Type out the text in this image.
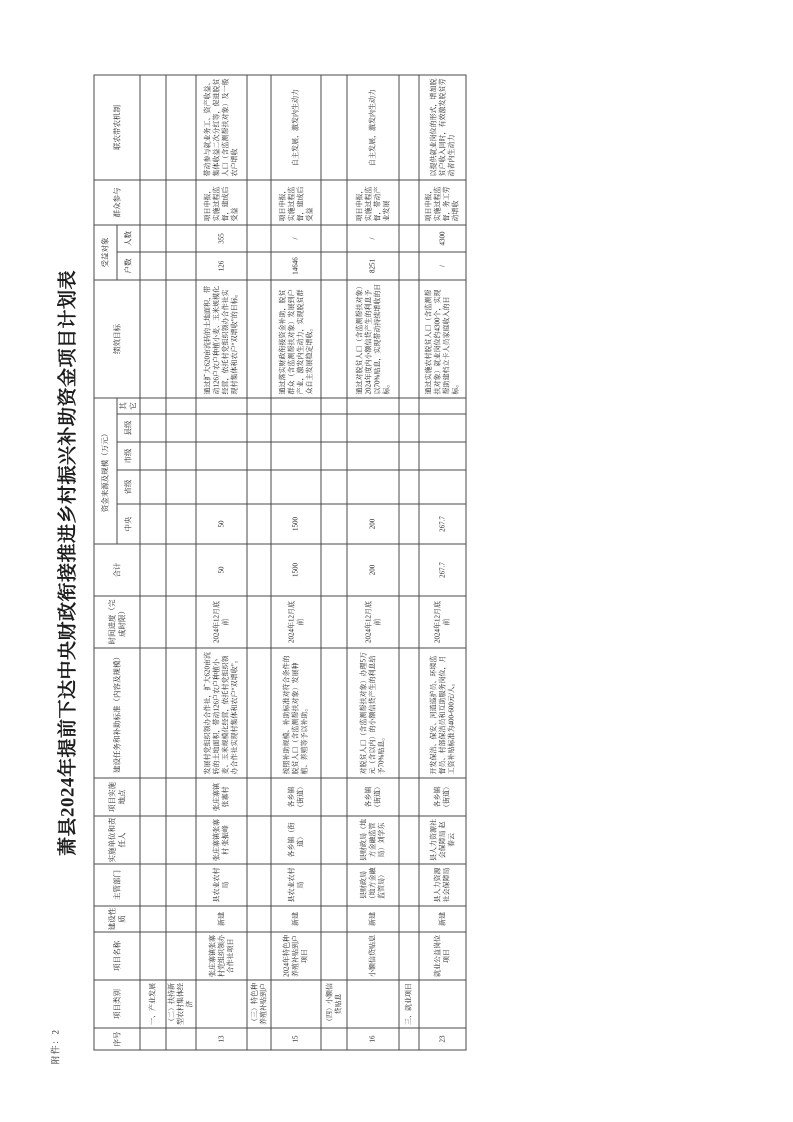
附件：2
萧县2024年提前下达中央财政衔接推进乡村振兴补助资金项目计划表
序号	项目类别	项目名称	建设性质	主管部门	实施单位和责任人	项目实施地点	建设任务和补助标准（内容及规模）	时间进度（完成时限）	合计	资金来源及规模（万元）					绩效目标	受益对象		群众参与	联农带农机制
										中央	省级	市级	县级	其它		户数	人数		
	一、产业发展																		
	（二）扶持新型农村集体经济																		
13		张庄寨镇张寨村党组织领办合作社项目	新建	县农业农村局	张庄寨镇张寨村 张振峰	张庄寨镇张寨村	发展村党组织领办合作社，扩大620亩流转的土地面积，带动126户农户种植小麦、玉米规模化经营，依托村党组织领办合作社实现村集体和农户“双增收”。	2024年12月底前	50	50					通过扩大620亩流转的土地面积，带动126户农户种植小麦、玉米规模化经营，依托村党组织领办合作社实现村集体和农户“双增收”的目标。	126	355	项目申报，实施过程监督，建成后受益	带动参与就业务工、资产收益、集体收益二次分红等，促进脱贫人口（含监测帮扶对象）及一般农户增收
	（三）特色种养殖补贴到户																		
15		2024年特色种养殖补贴到户项目	新建	县农业农村局	各乡镇（街道）	各乡镇（街道）	按照补助规模、补助标准对符合条件的脱贫人口（含监测帮扶对象）发展种植、养殖等予以补助。	2024年12月底前	1500	1500					通过落实财政衔接资金补助，脱贫群众（含监测帮扶对象）发展到户产业，激发内生动力，实现脱贫群众自主发展稳定增收。	14646	/	项目申报，实施过程监督，建成后受益	自主发展，激发内生动力
	（四）小额信贷贴息																		
16		小额信贷贴息	新建	县财政局（地方金融监管局）	县财政局（地方金融监管局）刘学东	各乡镇（街道）	对脱贫人口（含监测帮扶对象）办理5万元（含以内）的小额信贷产生的利息给予70%贴息。	2024年12月底前	200	200					通过对脱贫人口（含监测帮扶对象）2024年度内小额信贷产生的利息予以70%贴息，实现带动持续增收的目标。	8251	/	项目申报，实施过程监督，带动产业发展	自主发展，激发内生动力
	三、就业项目																		
23		就业公益岗位项目	新建	县人力资源社会保障局	县人力资源社会保障局 赵春云	各乡镇（街道）	开发保洁、保安、河道巡护员、环境监督员、村部保洁员和互助服务岗位，月工资补贴标准为400-600元/人。	2024年12月底前	267.7	267.7					通过实施农村脱贫人口（含监测帮扶对象）就业岗位约4300个，实现帮助建档立卡人员家庭收入的目标。	/	4300	项目申报，实施过程监督，务工劳动增收	以提供就业岗位的形式，增加脱贫户收入同时，有效激发脱贫劳动者内生动力
